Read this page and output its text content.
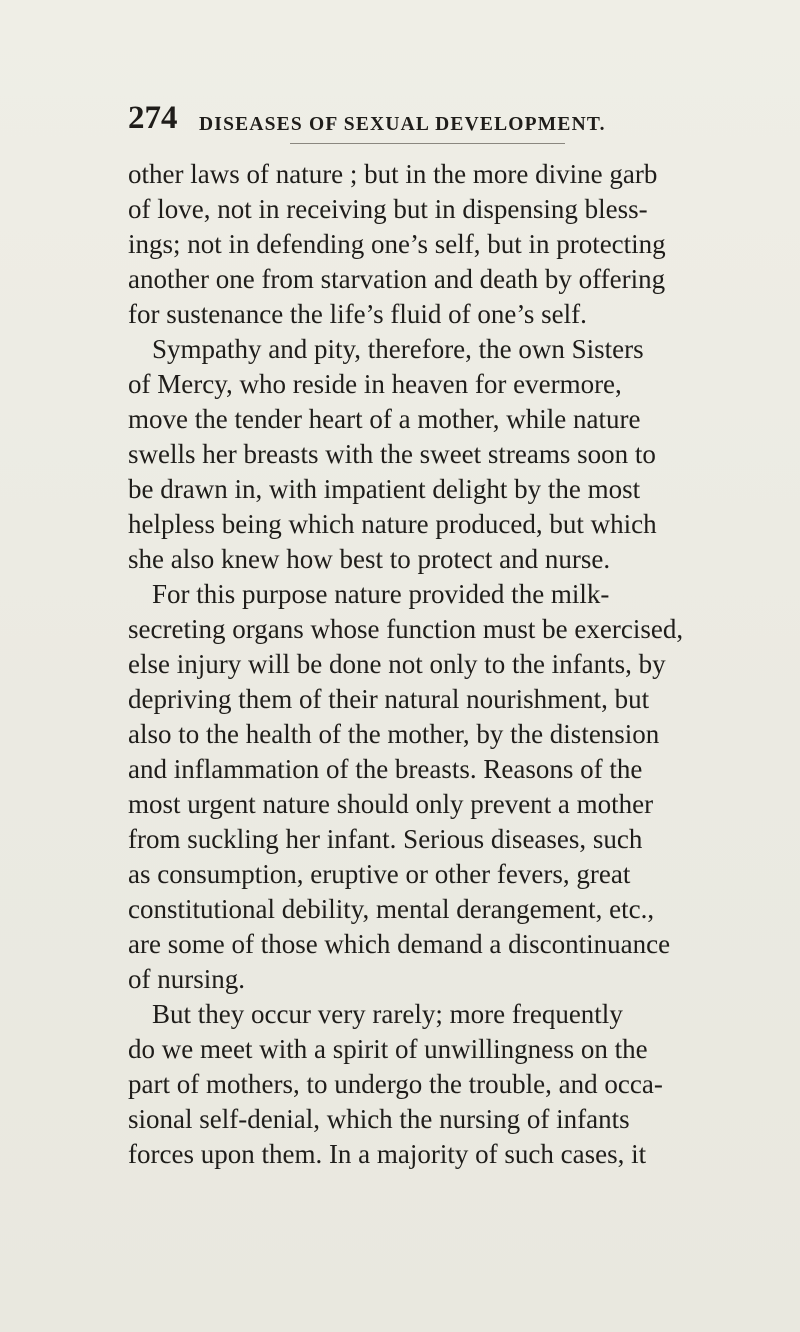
274 DISEASES OF SEXUAL DEVELOPMENT.
other laws of nature ; but in the more divine garb
of love, not in receiving but in dispensing bless-
ings; not in defending one’s self, but in protecting
another one from starvation and death by offering
for sustenance the life’s fluid of one’s self.
Sympathy and pity, therefore, the own Sisters
of Mercy, who reside in heaven for evermore,
move the tender heart of a mother, while nature
swells her breasts with the sweet streams soon to
be drawn in, with impatient delight by the most
helpless being which nature produced, but which
she also knew how best to protect and nurse.
For this purpose nature provided the milk-
secreting organs whose function must be exercised,
else injury will be done not only to the infants, by
depriving them of their natural nourishment, but
also to the health of the mother, by the distension
and inflammation of the breasts. Reasons of the
most urgent nature should only prevent a mother
from suckling her infant. Serious diseases, such
as consumption, eruptive or other fevers, great
constitutional debility, mental derangement, etc.,
are some of those which demand a discontinuance
of nursing.
But they occur very rarely; more frequently
do we meet with a spirit of unwillingness on the
part of mothers, to undergo the trouble, and occa-
sional self-denial, which the nursing of infants
forces upon them. In a majority of such cases, it
